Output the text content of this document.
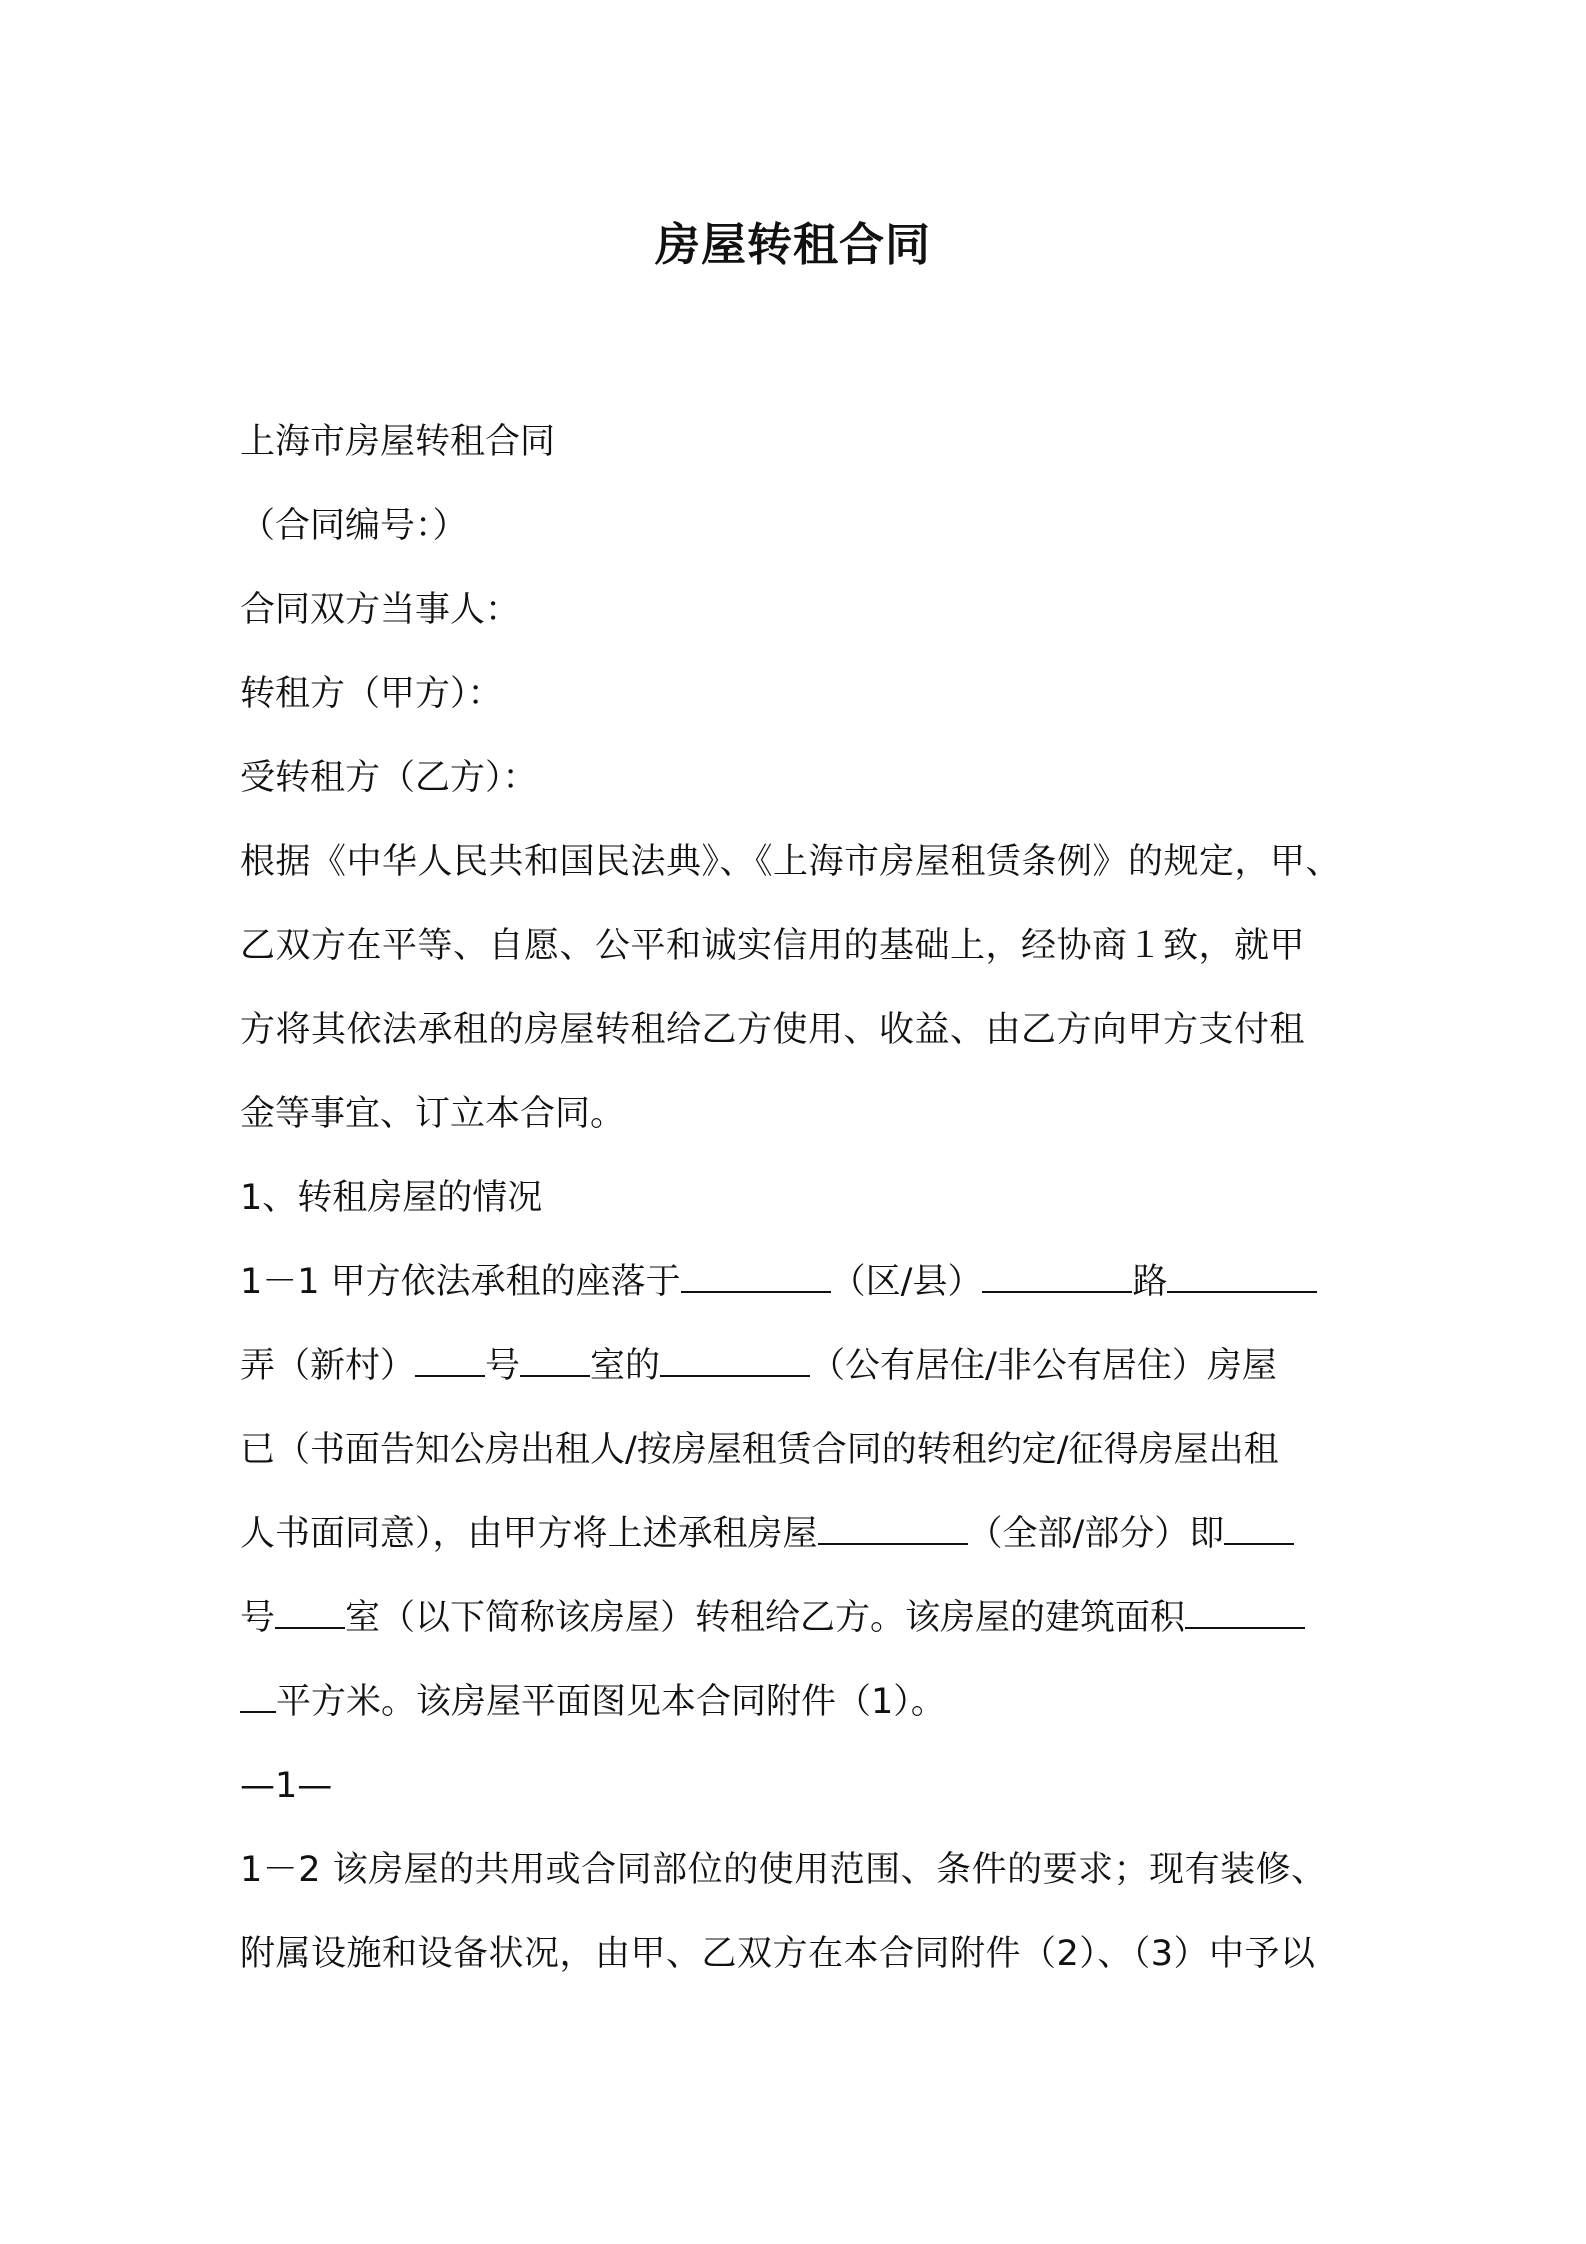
房屋转租合同
上海市房屋转租合同
（合同编号：）
合同双方当事人：
转租方（甲方）：
受转租方（乙方）：
根据《中华人民共和国民法典》、《上海市房屋租赁条例》的规定，甲、
乙双方在平等、自愿、公平和诚实信用的基础上，经协商１致，就甲
方将其依法承租的房屋转租给乙方使用、收益、由乙方向甲方支付租
金等事宜、订立本合同。
1、转租房屋的情况
1－1 甲方依法承租的座落于	（区/县）	路
弄（新村） 号 室的	（公有居住/非公有居住）房屋
已（书面告知公房出租人/按房屋租赁合同的转租约定/征得房屋出租
人书面同意），由甲方将上述承租房屋	（全部/部分）即
号 室（以下简称该房屋）转租给乙方。该房屋的建筑面积
平方米。该房屋平面图见本合同附件（1）。
—1—
1－2 该房屋的共用或合同部位的使用范围、条件的要求；现有装修、
附属设施和设备状况，由甲、乙双方在本合同附件（2）、（3）中予以
